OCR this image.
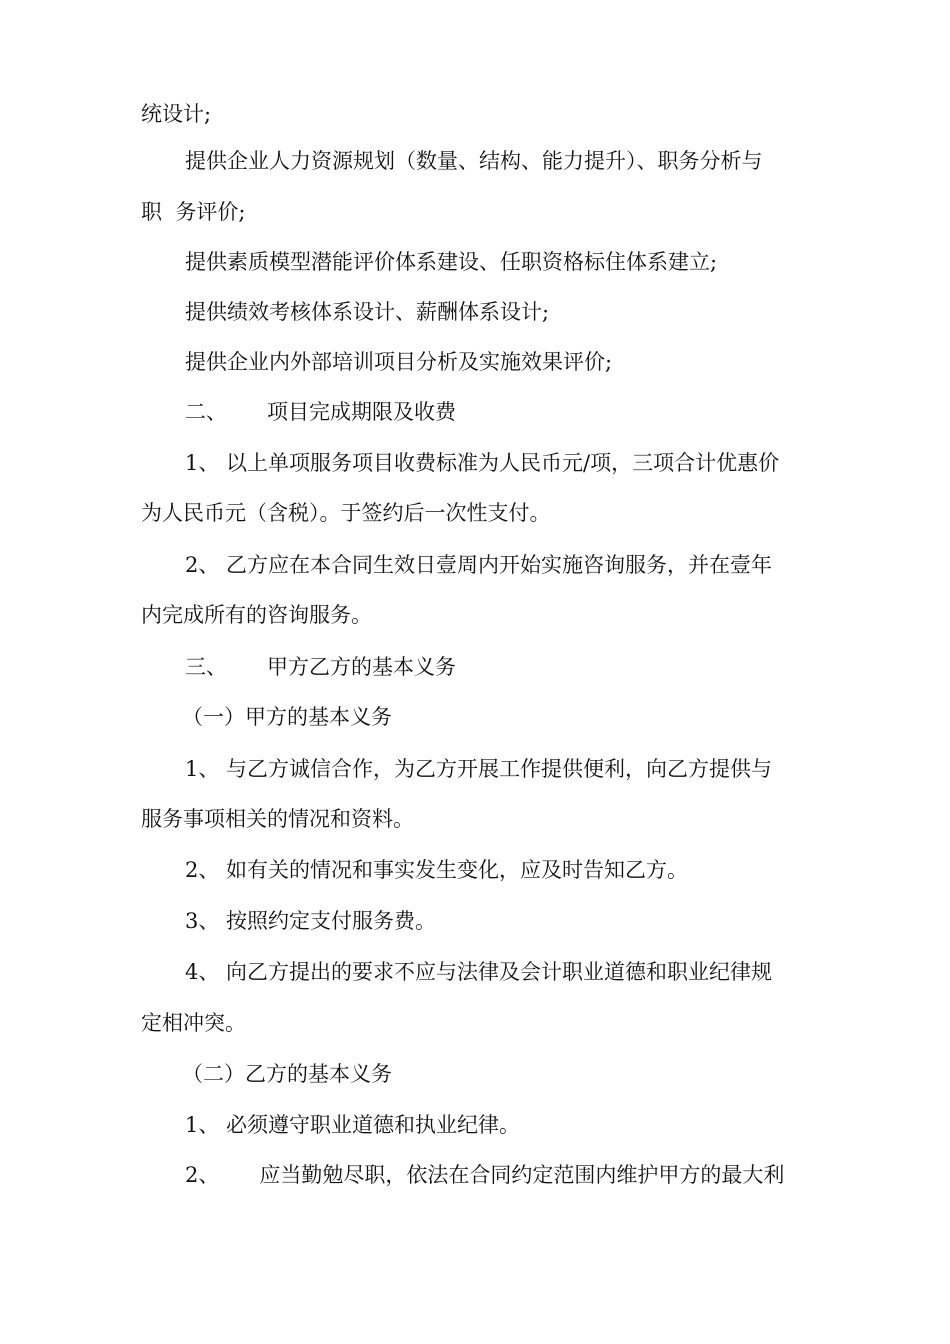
统设计;
提供企业人力资源规划（数量、结构、能力提升）、职务分析与
职  务评价;
提供素质模型潜能评价体系建设、任职资格标住体系建立;
提供绩效考核体系设计、薪酬体系设计;
提供企业内外部培训项目分析及实施效果评价;
二、      项目完成期限及收费
1、 以上单项服务项目收费标准为人民币元/项，三项合计优惠价
为人民币元（含税）。于签约后一次性支付。
2、 乙方应在本合同生效日壹周内开始实施咨询服务，并在壹年
内完成所有的咨询服务。
三、      甲方乙方的基本义务
（一）甲方的基本义务
1、 与乙方诚信合作，为乙方开展工作提供便利，向乙方提供与
服务事项相关的情况和资料。
2、 如有关的情况和事实发生变化，应及时告知乙方。
3、 按照约定支付服务费。
4、 向乙方提出的要求不应与法律及会计职业道德和职业纪律规
定相冲突。
（二）乙方的基本义务
1、 必须遵守职业道德和执业纪律。
2、      应当勤勉尽职，依法在合同约定范围内维护甲方的最大利
